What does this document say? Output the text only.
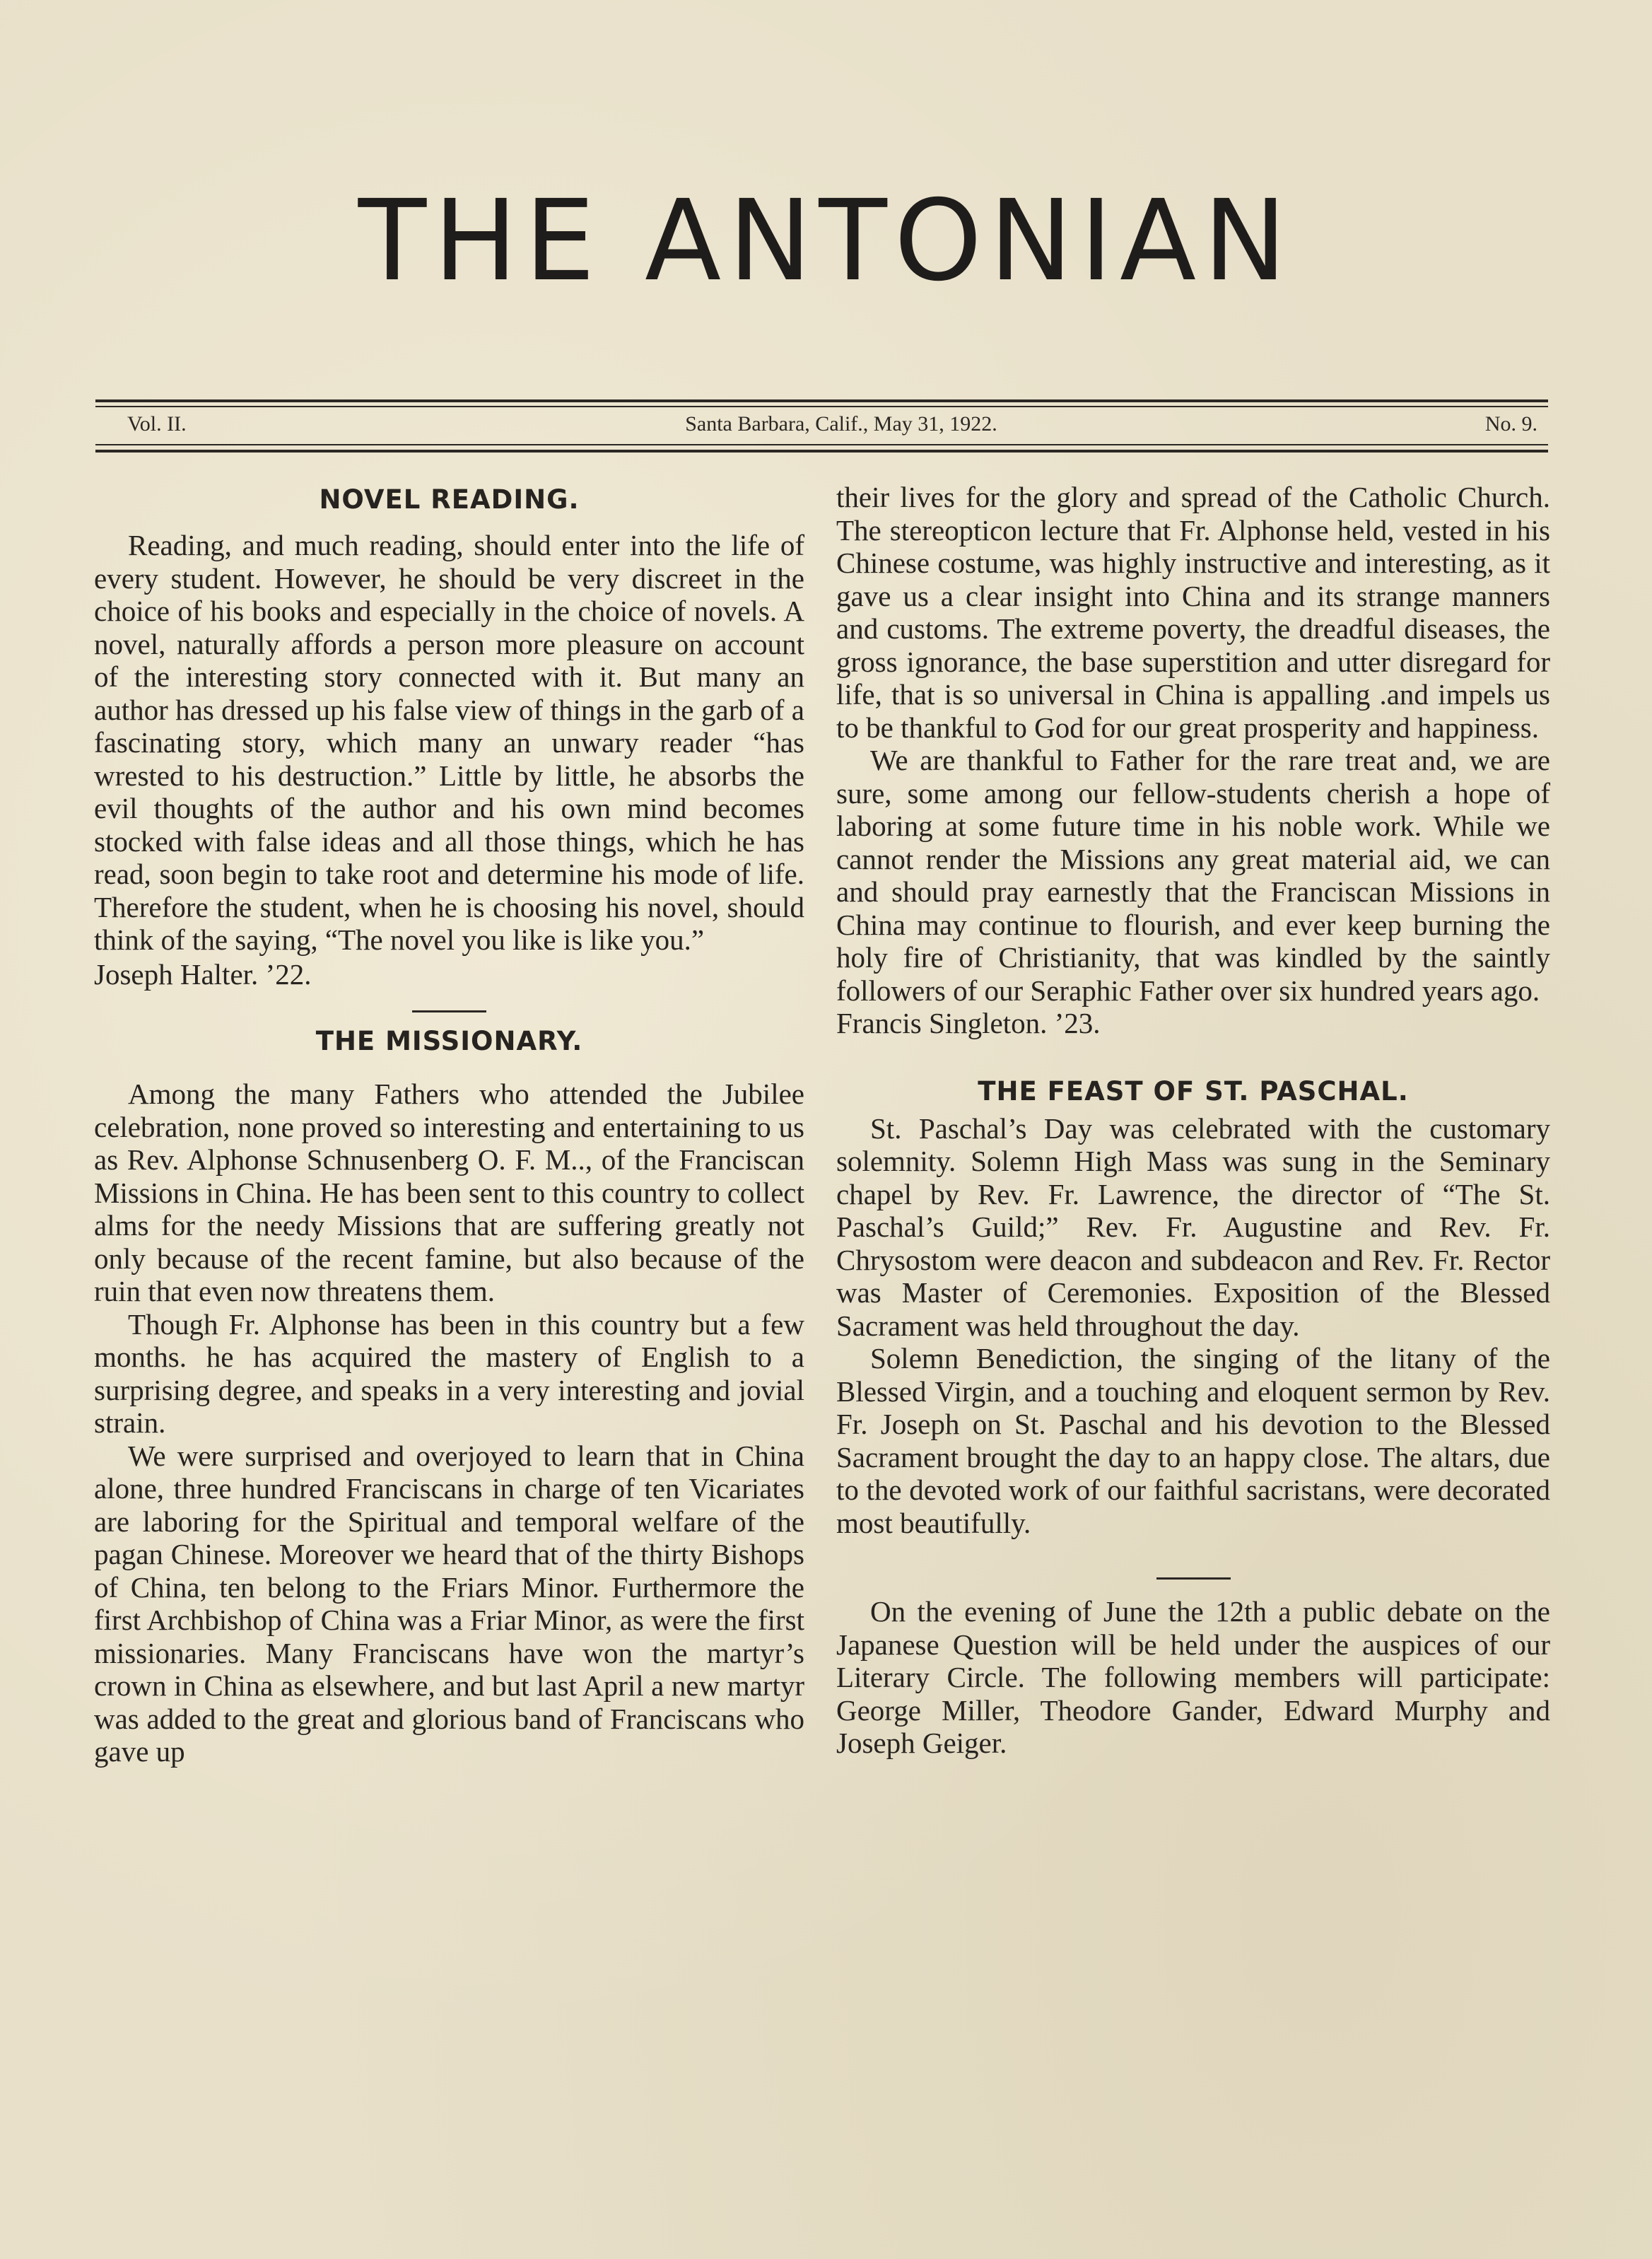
THE ANTONIAN
Vol. II.	Santa Barbara, Calif., May 31, 1922.	No. 9.
NOVEL READING.

Reading, and much reading, should enter into the life of every student. However, he should be very discreet in the choice of his books and especially in the choice of novels. A novel, naturally affords a person more pleasure on account of the interesting story connected with it. But many an author has dressed up his false view of things in the garb of a fascinating story, which many an unwary reader “has wrested to his destruction.” Little by little, he absorbs the evil thoughts of the author and his own mind becomes stocked with false ideas and all those things, which he has read, soon begin to take root and determine his mode of life. Therefore the student, when he is choosing his novel, should think of the saying, “The novel you like is like you.”

Joseph Halter. ’22.

THE MISSIONARY.

Among the many Fathers who attended the Jubilee celebration, none proved so interesting and entertaining to us as Rev. Alphonse Schnusenberg O. F. M.., of the Franciscan Missions in China. He has been sent to this country to collect alms for the needy Missions that are suffering greatly not only because of the recent famine, but also because of the ruin that even now threatens them.

Though Fr. Alphonse has been in this country but a few months. he has acquired the mastery of English to a surprising degree, and speaks in a very interesting and jovial strain.

We were surprised and overjoyed to learn that in China alone, three hundred Franciscans in charge of ten Vicariates are laboring for the Spiritual and temporal welfare of the pagan Chinese. Moreover we heard that of the thirty Bishops of China, ten belong to the Friars Minor. Furthermore the first Archbishop of China was a Friar Minor, as were the first missionaries. Many Franciscans have won the martyr’s crown in China as elsewhere, and but last April a new martyr was added to the great and glorious band of Franciscans who gave up

their lives for the glory and spread of the Catholic Church. The stereopticon lecture that Fr. Alphonse held, vested in his Chinese costume, was highly instructive and interesting, as it gave us a clear insight into China and its strange manners and customs. The extreme poverty, the dreadful diseases, the gross ignorance, the base superstition and utter disregard for life, that is so universal in China is appalling .and impels us to be thankful to God for our great prosperity and happiness.

We are thankful to Father for the rare treat and, we are sure, some among our fellow-students cherish a hope of laboring at some future time in his noble work. While we cannot render the Missions any great material aid, we can and should pray earnestly that the Franciscan Missions in China may continue to flourish, and ever keep burning the holy fire of Christianity, that was kindled by the saintly followers of our Seraphic Father over six hundred years ago.

Francis Singleton. ’23.

THE FEAST OF ST. PASCHAL.

St. Paschal’s Day was celebrated with the customary solemnity. Solemn High Mass was sung in the Seminary chapel by Rev. Fr. Lawrence, the director of “The St. Paschal’s Guild;” Rev. Fr. Augustine and Rev. Fr. Chrysostom were deacon and subdeacon and Rev. Fr. Rector was Master of Ceremonies. Exposition of the Blessed Sacrament was held throughout the day.

Solemn Benediction, the singing of the litany of the Blessed Virgin, and a touching and eloquent sermon by Rev. Fr. Joseph on St. Paschal and his devotion to the Blessed Sacrament brought the day to an happy close. The altars, due to the devoted work of our faithful sacristans, were decorated most beautifully.

On the evening of June the 12th a public debate on the Japanese Question will be held under the auspices of our Literary Circle. The following members will participate: George Miller, Theodore Gander, Edward Murphy and Joseph Geiger.
